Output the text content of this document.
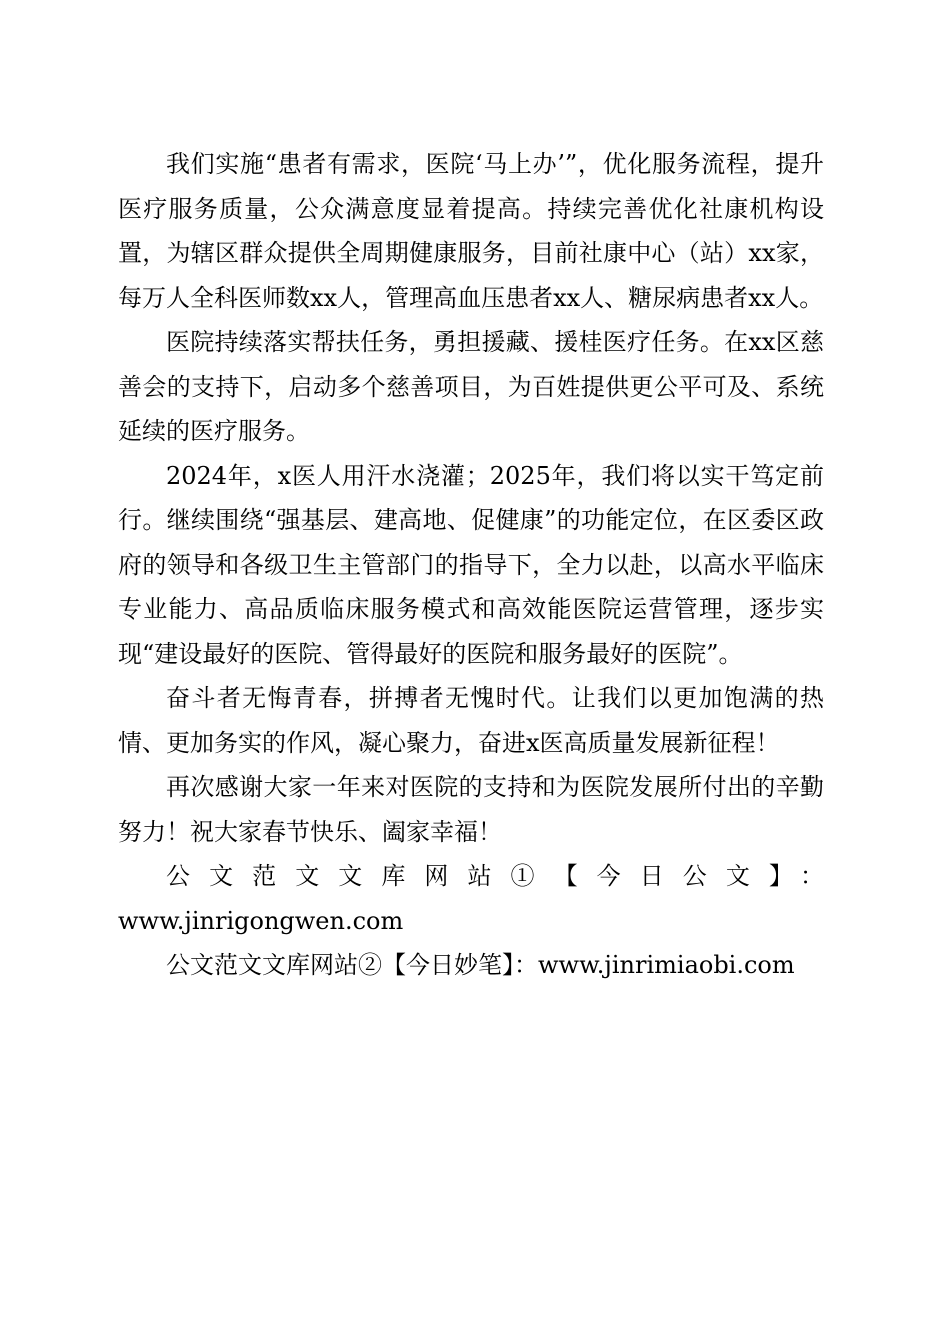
我们实施“患者有需求，医院‘马上办’”，优化服务流程，提升医疗服务质量，公众满意度显着提高。持续完善优化社康机构设置，为辖区群众提供全周期健康服务，目前社康中心（站）xx家，每万人全科医师数xx人，管理高血压患者xx人、糖尿病患者xx人。

医院持续落实帮扶任务，勇担援藏、援桂医疗任务。在xx区慈善会的支持下，启动多个慈善项目，为百姓提供更公平可及、系统延续的医疗服务。

2024年，x医人用汗水浇灌；2025年，我们将以实干笃定前行。继续围绕“强基层、建高地、促健康”的功能定位，在区委区政府的领导和各级卫生主管部门的指导下，全力以赴，以高水平临床专业能力、高品质临床服务模式和高效能医院运营管理，逐步实现“建设最好的医院、管得最好的医院和服务最好的医院”。

奋斗者无悔青春，拼搏者无愧时代。让我们以更加饱满的热情、更加务实的作风，凝心聚力，奋进x医高质量发展新征程！

再次感谢大家一年来对医院的支持和为医院发展所付出的辛勤努力！祝大家春节快乐、阖家幸福！

公文范文文库网站①【今日公文】：

www.jinrigongwen.com

公文范文文库网站②【今日妙笔】：www.jinrimiaobi.com
